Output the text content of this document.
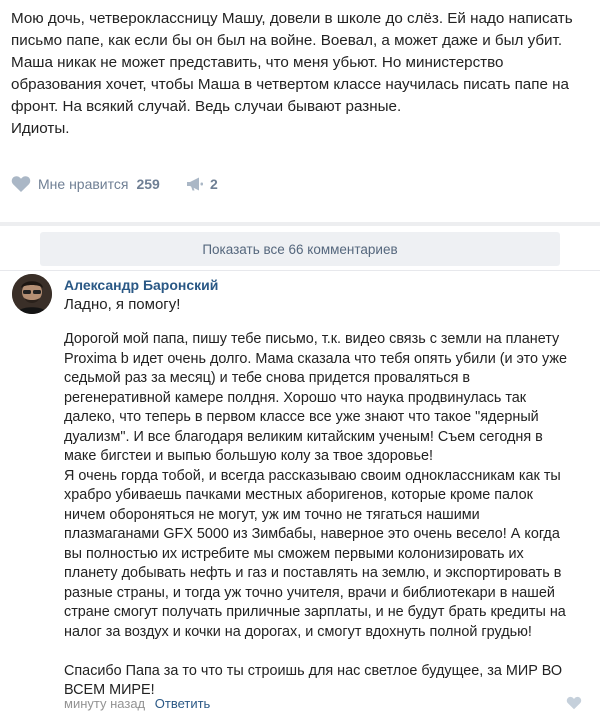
Мою дочь, четвероклассницу Машу, довели в школе до слёз. Ей надо написать
письмо папе, как если бы он был на войне. Воевал, а может даже и был убит.
Маша никак не может представить, что меня убьют. Но министерство
образования хочет, чтобы Маша в четвертом классе научилась писать папе на
фронт. На всякий случай. Ведь случаи бывают разные.
Идиоты.

Мне нравится 259	2
Показать все 66 комментариев
Александр Баронский
Ладно, я помогу!
Дорогой мой папа, пишу тебе письмо, т.к. видео связь с земли на планету
Proxima b идет очень долго. Мама сказала что тебя опять убили (и это уже
седьмой раз за месяц) и тебе снова придется проваляться в
регенеративной камере полдня. Хорошо что наука продвинулась так
далеко, что теперь в первом классе все уже знают что такое "ядерный
дуализм". И все благодаря великим китайским ученым! Съем сегодня в
маке бигстеи и выпью большую колу за твое здоровье!
Я очень горда тобой, и всегда рассказываю своим одноклассникам как ты
храбро убиваешь пачками местных аборигенов, которые кроме палок
ничем обороняться не могут, уж им точно не тягаться нашими
плазмаганами GFX 5000 из Зимбабы, наверное это очень весело! А когда
вы полностью их истребите мы сможем первыми колонизировать их
планету добывать нефть и газ и поставлять на землю, и экспортировать в
разные страны, и тогда уж точно учителя, врачи и библиотекари в нашей
стране смогут получать приличные зарплаты, и не будут брать кредиты на
налог за воздух и кочки на дорогах, и смогут вдохнуть полной грудью!
Спасибо Папа за то что ты строишь для нас светлое будущее, за МИР ВО
ВСЕМ МИРЕ!
минуту назад Ответить
